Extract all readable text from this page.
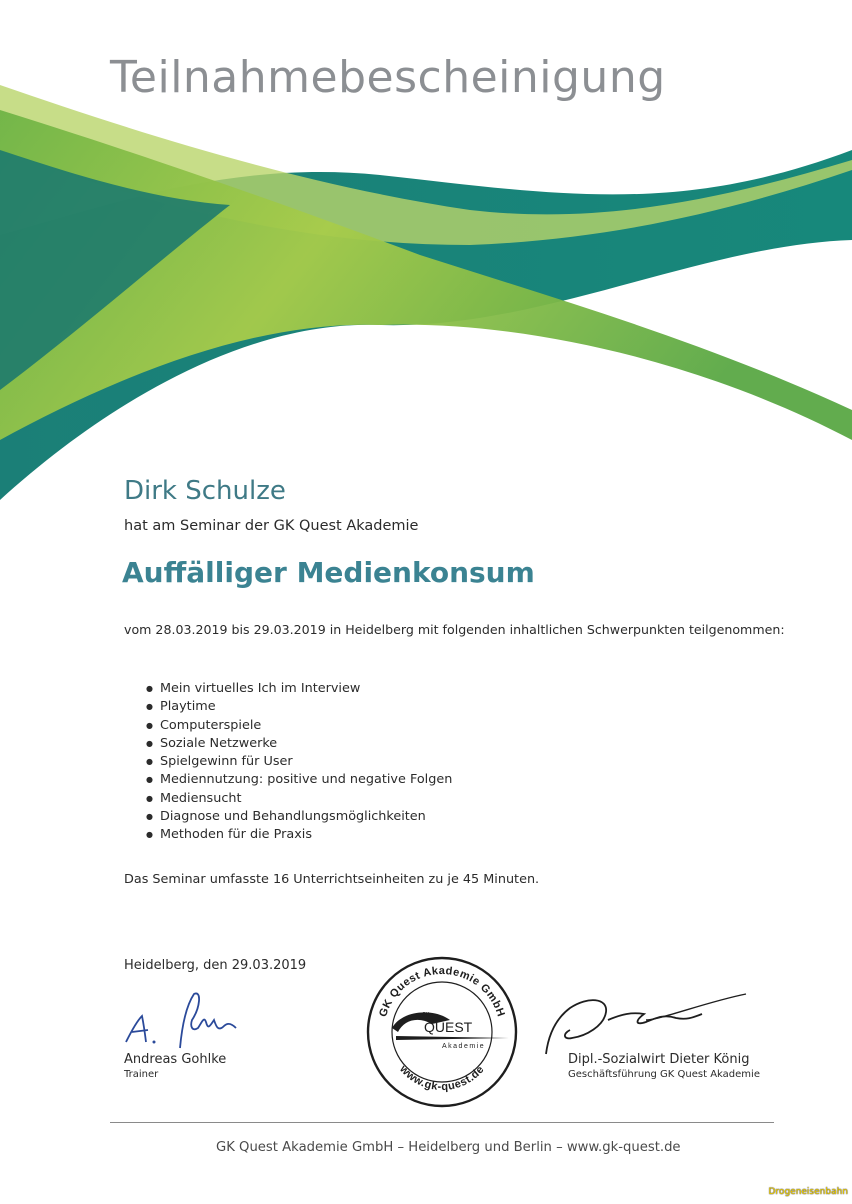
Teilnahmebescheinigung
Dirk Schulze
hat am Seminar der GK Quest Akademie
Auffälliger Medienkonsum
vom 28.03.2019 bis 29.03.2019 in Heidelberg mit folgenden inhaltlichen Schwerpunkten teilgenommen:
● Mein virtuelles Ich im Interview
● Playtime
● Computerspiele
● Soziale Netzwerke
● Spielgewinn für User
● Mediennutzung: positive und negative Folgen
● Mediensucht
● Diagnose und Behandlungsmöglichkeiten
● Methoden für die Praxis
Das Seminar umfasste 16 Unterrichtseinheiten zu je 45 Minuten.
Heidelberg, den 29.03.2019
Andreas Gohlke
Trainer
GK Quest Akademie GmbH
www.gk-quest.de
GK
QUEST
Akademie
Dipl.-Sozialwirt Dieter König
Geschäftsführung GK Quest Akademie
GK Quest Akademie GmbH – Heidelberg und Berlin – www.gk-quest.de
Drogeneisenbahn
